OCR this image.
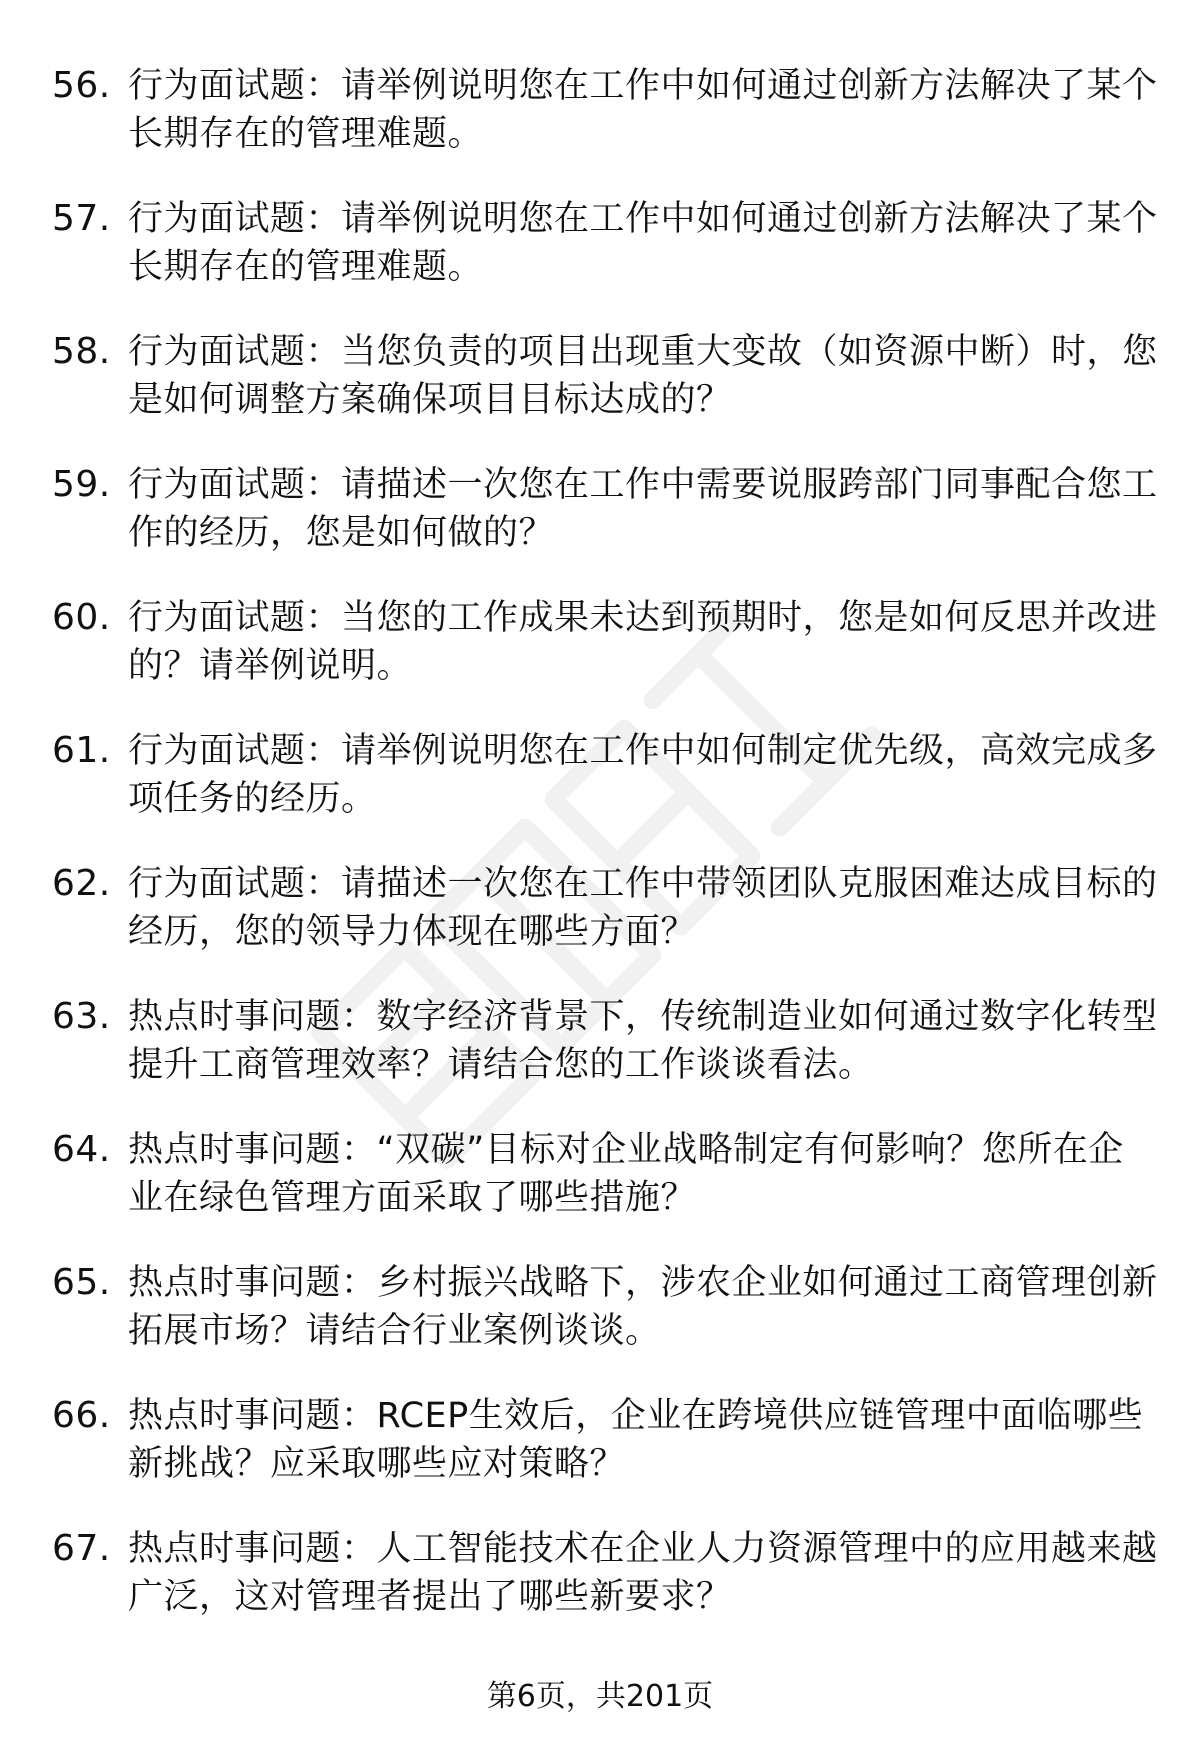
56. 行为面试题：请举例说明您在工作中如何通过创新方法解决了某个长期存在的管理难题。
57. 行为面试题：请举例说明您在工作中如何通过创新方法解决了某个长期存在的管理难题。
58. 行为面试题：当您负责的项目出现重大变故（如资源中断）时，您是如何调整方案确保项目目标达成的？
59. 行为面试题：请描述一次您在工作中需要说服跨部门同事配合您工作的经历，您是如何做的？
60. 行为面试题：当您的工作成果未达到预期时，您是如何反思并改进的？请举例说明。
61. 行为面试题：请举例说明您在工作中如何制定优先级，高效完成多项任务的经历。
62. 行为面试题：请描述一次您在工作中带领团队克服困难达成目标的经历，您的领导力体现在哪些方面？
63. 热点时事问题：数字经济背景下，传统制造业如何通过数字化转型提升工商管理效率？请结合您的工作谈谈看法。
64. 热点时事问题：“双碳”目标对企业战略制定有何影响？您所在企业在绿色管理方面采取了哪些措施？
65. 热点时事问题：乡村振兴战略下，涉农企业如何通过工商管理创新拓展市场？请结合行业案例谈谈。
66. 热点时事问题：RCEP生效后，企业在跨境供应链管理中面临哪些新挑战？应采取哪些应对策略？
67. 热点时事问题：人工智能技术在企业人力资源管理中的应用越来越广泛，这对管理者提出了哪些新要求？
第6页，共201页
